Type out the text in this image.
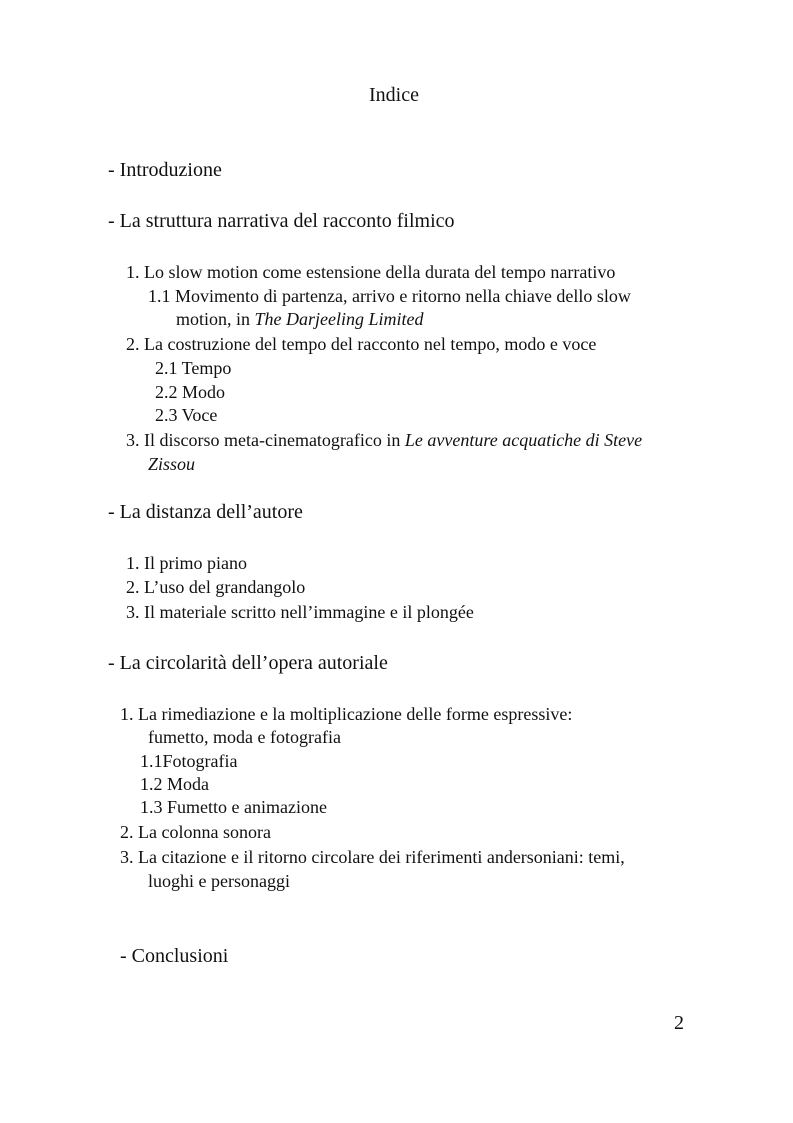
Indice
- Introduzione
- La struttura narrativa del racconto filmico
1. Lo slow motion come estensione della durata del tempo narrativo
1.1 Movimento di partenza, arrivo e ritorno nella chiave dello slow
motion, in The Darjeeling Limited
2. La costruzione del tempo del racconto nel tempo, modo e voce
2.1 Tempo
2.2 Modo
2.3 Voce
3. Il discorso meta-cinematografico in Le avventure acquatiche di Steve
Zissou
- La distanza dell’autore
1. Il primo piano
2. L’uso del grandangolo
3. Il materiale scritto nell’immagine e il plongée
- La circolarità dell’opera autoriale
1. La rimediazione e la moltiplicazione delle forme espressive:
fumetto, moda e fotografia
1.1Fotografia
1.2 Moda
1.3 Fumetto e animazione
2. La colonna sonora
3. La citazione e il ritorno circolare dei riferimenti andersoniani: temi,
luoghi e personaggi
- Conclusioni
2
